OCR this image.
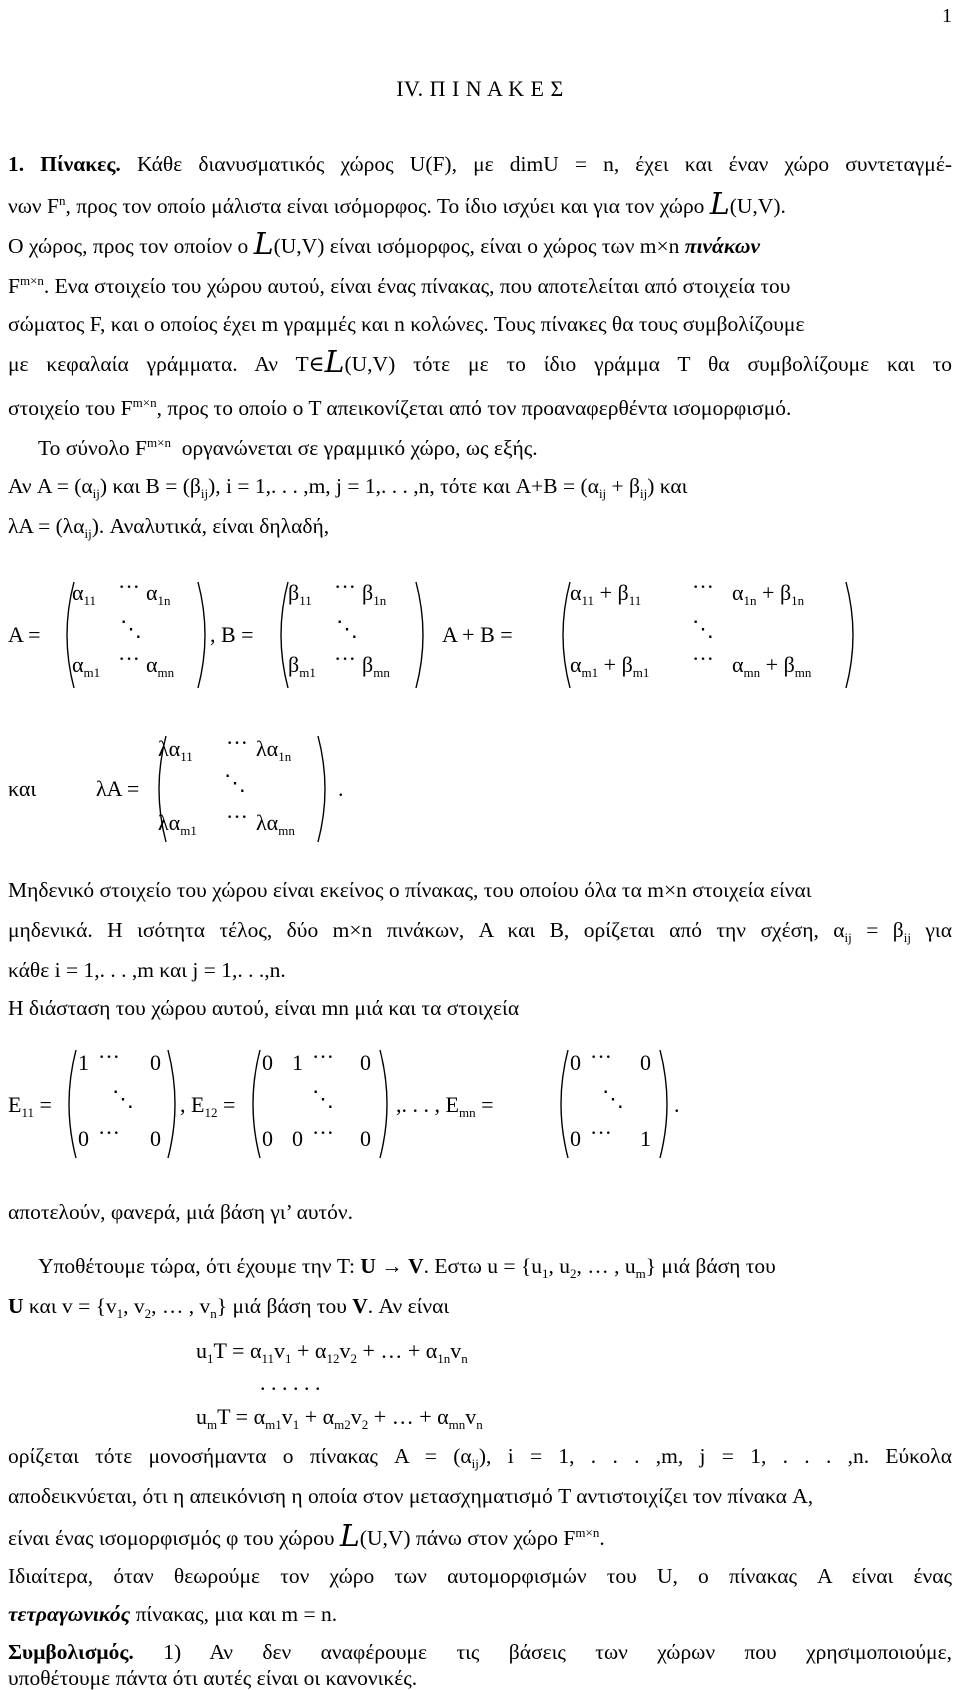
1
IV. Π Ι Ν Α Κ Ε Σ
1. Πίνακες. Κάθε διανυσματικός χώρος U(F), με dimU = n, έχει και έναν χώρο συντεταγμέ-
νων $F^n$, προς τον οποίο μάλιστα είναι ισόμορφος. Το ίδιο ισχύει και για τον χώρο L(U,V).
Ο χώρος, προς τον οποίον ο L(U,V) είναι ισόμορφος, είναι ο χώρος των m×n πινάκων
$F^{m\times n}$. Ενα στοιχείο του χώρου αυτού, είναι ένας πίνακας, που αποτελείται από στοιχεία του
σώματος F, και ο οποίος έχει m γραμμές και n κολώνες. Τους πίνακες θα τους συμβολίζουμε
με κεφαλαία γράμματα. Αν Τ∈L(U,V) τότε με το ίδιο γράμμα Τ θα συμβολίζουμε και το
στοιχείο του $F^{m\times n}$, προς το οποίο ο Τ απεικονίζεται από τον προαναφερθέντα ισομορφισμό.
Το σύνολο $F^{m\times n}$ οργανώνεται σε γραμμικό χώρο, ως εξής.
Αν $A = (\alpha_{ij})$ και $B = (\beta_{ij})$, i = 1,. . . ,m, j = 1,. . . ,n, τότε και $A+B = (\alpha_{ij} + \beta_{ij})$ και
$\lambda A = (\lambda\alpha_{ij})$. Αναλυτικά, είναι δηλαδή,
A =
$\alpha_{11}$
··· $\alpha_{1n}$
⋱
$\alpha_{m1}$
··· $\alpha_{mn}$
, B =
$\beta_{11}$
··· $\beta_{1n}$
⋱
$\beta_{m1}$
··· $\beta_{mn}$
A + B =
$\alpha_{11} + \beta_{11}$
··· $\alpha_{1n} + \beta_{1n}$
⋱
$\alpha_{m1} + \beta_{m1}$
··· $\alpha_{mn} + \beta_{mn}$
και	λA =
$\lambda\alpha_{11}$
··· $\lambda\alpha_{1n}$
⋱
$\lambda\alpha_{m1}$
··· $\lambda\alpha_{mn}$
.
Μηδενικό στοιχείο του χώρου είναι εκείνος ο πίνακας, του οποίου όλα τα m×n στοιχεία είναι
μηδενικά. Η ισότητα τέλος, δύο m×n πινάκων, A και B, ορίζεται από την σχέση, $\alpha_{ij} = \beta_{ij}$ για
κάθε i = 1,. . . ,m και j = 1,. . .,n.
Η διάσταση του χώρου αυτού, είναι mn μιά και τα στοιχεία
$E_{11}$ =
1 ··· 0
⋱
0 ··· 0
, $E_{12}$ =
0 1 ··· 0
⋱
0 0 ··· 0
,. . . , $E_{mn}$ =
0 ··· 0
⋱
0 ··· 1
.
αποτελούν, φανερά, μιά βάση γι’ αυτόν.
Υποθέτουμε τώρα, ότι έχουμε την T: U → V. Εστω $u = \{u_1$, $u_2$, … , $u_m$} μιά βάση του
U και $v = \{v_1$, $v_2$, … , $v_n$} μιά βάση του V. Αν είναι
$u_1T = \alpha_{11}v_1 + \alpha_{12}v_2$ + … + $\alpha_{1n}v_n$
. . . . . .
$u_mT = \alpha_{m1}v_1 + \alpha_{m2}v_2$ + … + $\alpha_{mn}v_n$
ορίζεται τότε μονοσήμαντα ο πίνακας $A = (\alpha_{ij})$, i = 1, . . . ,m, j = 1, . . . ,n. Εύκολα
αποδεικνύεται, ότι η απεικόνιση η οποία στον μετασχηματισμό T αντιστοιχίζει τον πίνακα A,
είναι ένας ισομορφισμός φ του χώρου L(U,V) πάνω στον χώρο $F^{m\times n}$.
Ιδιαίτερα, όταν θεωρούμε τον χώρο των αυτομορφισμών του U, ο πίνακας A είναι ένας
τετραγωνικός πίνακας, μια και m = n.
Συμβολισμός. 1) Αν δεν αναφέρουμε τις βάσεις των χώρων που χρησιμοποιούμε,
υποθέτουμε πάντα ότι αυτές είναι οι κανονικές.
